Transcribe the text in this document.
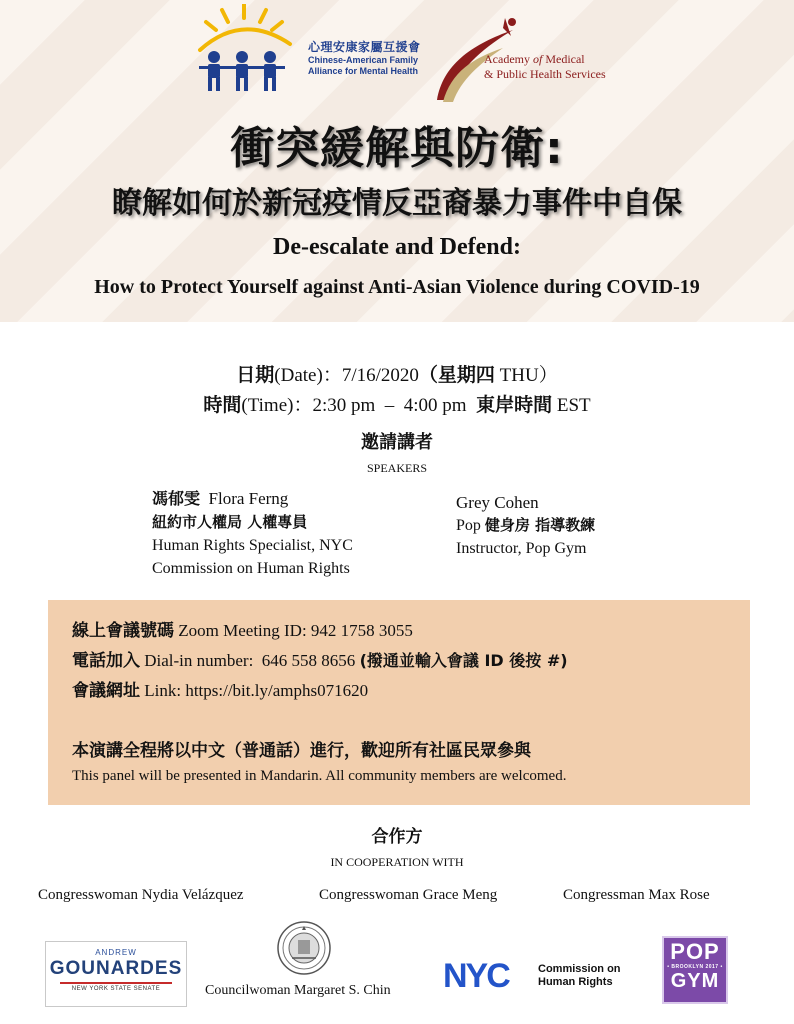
心理安康家屬互援會
Chinese-American Family
Alliance for Mental Health
Academy of Medical
& Public Health Services
衝突緩解與防衛:
瞭解如何於新冠疫情反亞裔暴力事件中自保
De-escalate and Defend:
How to Protect Yourself against Anti-Asian Violence during COVID-19
日期(Date)：7/16/2020（星期四 THU）
時間(Time)：2:30 pm  –  4:00 pm  東岸時間 EST
邀請講者
SPEAKERS
馮郁雯  Flora Ferng
紐約市人權局 人權專員
Human Rights Specialist, NYC
Commission on Human Rights
Grey Cohen
Pop 健身房 指導教練
Instructor, Pop Gym
線上會議號碼 Zoom Meeting ID: 942 1758 3055
電話加入 Dial-in number:  646 558 8656 (撥通並輸入會議 ID 後按 #)
會議網址 Link: https://bit.ly/amphs071620
本演講全程將以中文（普通話）進行，歡迎所有社區民眾參與
This panel will be presented in Mandarin. All community members are welcomed.
合作方
IN COOPERATION WITH
Congresswoman Nydia Velázquez	Congresswoman Grace Meng	Congressman Max Rose
ANDREW
GOUNARDES
NEW YORK STATE SENATE	Councilwoman Margaret S. Chin NYC	Commission on
Human Rights
POP
• BROOKLYN 2017 •
GYM
